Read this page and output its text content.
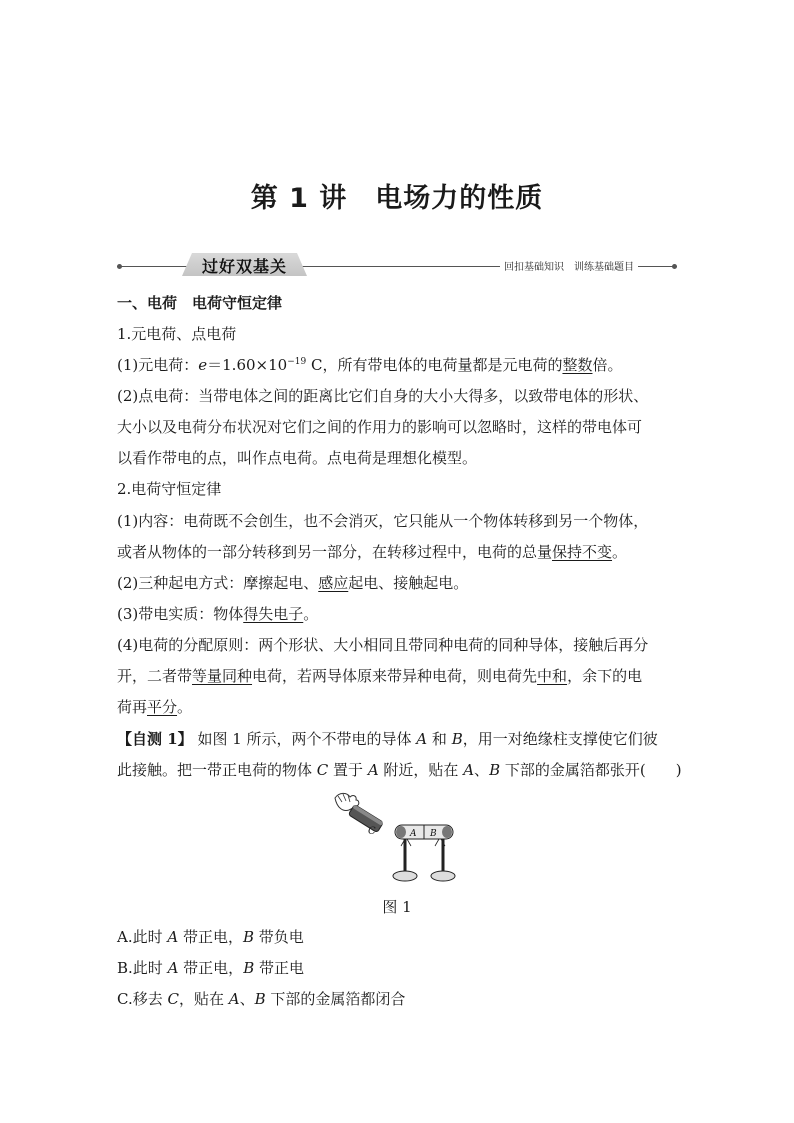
第 1 讲　电场力的性质
过好双基关	回扣基础知识　训练基础题目
一、电荷　电荷守恒定律
1.元电荷、点电荷
(1)元电荷：$e=1.60\times 10^{-19}$ C，所有带电体的电荷量都是元电荷的整数倍。
(2)点电荷：当带电体之间的距离比它们自身的大小大得多，以致带电体的形状、
大小以及电荷分布状况对它们之间的作用力的影响可以忽略时，这样的带电体可
以看作带电的点，叫作点电荷。点电荷是理想化模型。
2.电荷守恒定律
(1)内容：电荷既不会创生，也不会消灭，它只能从一个物体转移到另一个物体，
或者从物体的一部分转移到另一部分，在转移过程中，电荷的总量保持不变。
(2)三种起电方式：摩擦起电、感应起电、接触起电。
(3)带电实质：物体得失电子。
(4)电荷的分配原则：两个形状、大小相同且带同种电荷的同种导体，接触后再分
开，二者带等量同种电荷，若两导体原来带异种电荷，则电荷先中和，余下的电
荷再平分。
【自测 1】 如图 1 所示，两个不带电的导体 A 和 B，用一对绝缘柱支撑使它们彼
此接触。把一带正电荷的物体 C 置于 A 附近，贴在 A、B 下部的金属箔都张开(　　)
C	A B
图 1
A.此时 A 带正电，B 带负电
B.此时 A 带正电，B 带正电
C.移去 C，贴在 A、B 下部的金属箔都闭合
